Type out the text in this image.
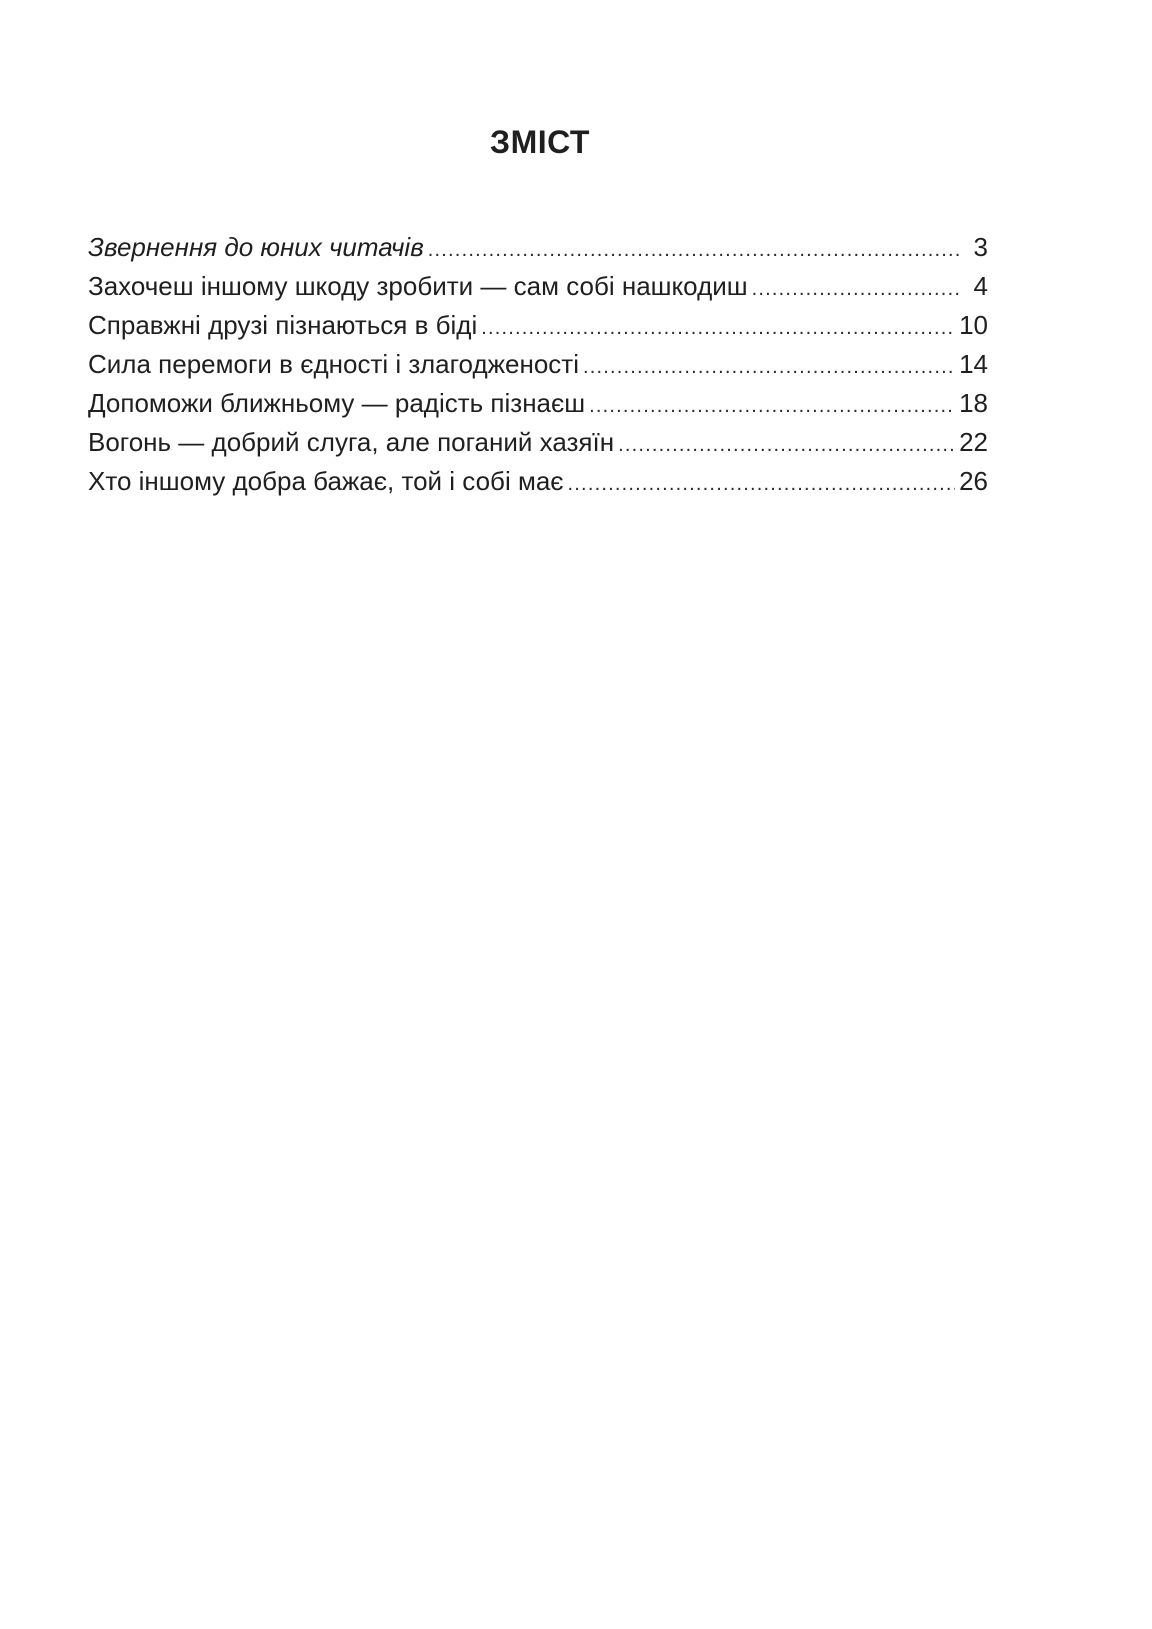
ЗМІСТ
Звернення до юних читачів .....	3
Захочеш іншому шкоду зробити — сам собі нашкодиш .....	4
Справжні друзі пізнаються в біді .....	10
Сила перемоги в єдності і злагодженості .....	14
Допоможи ближньому — радість пізнаєш .....	18
Вогонь — добрий слуга, але поганий хазяїн .....	22
Хто іншому добра бажає, той і собі має .....	26
